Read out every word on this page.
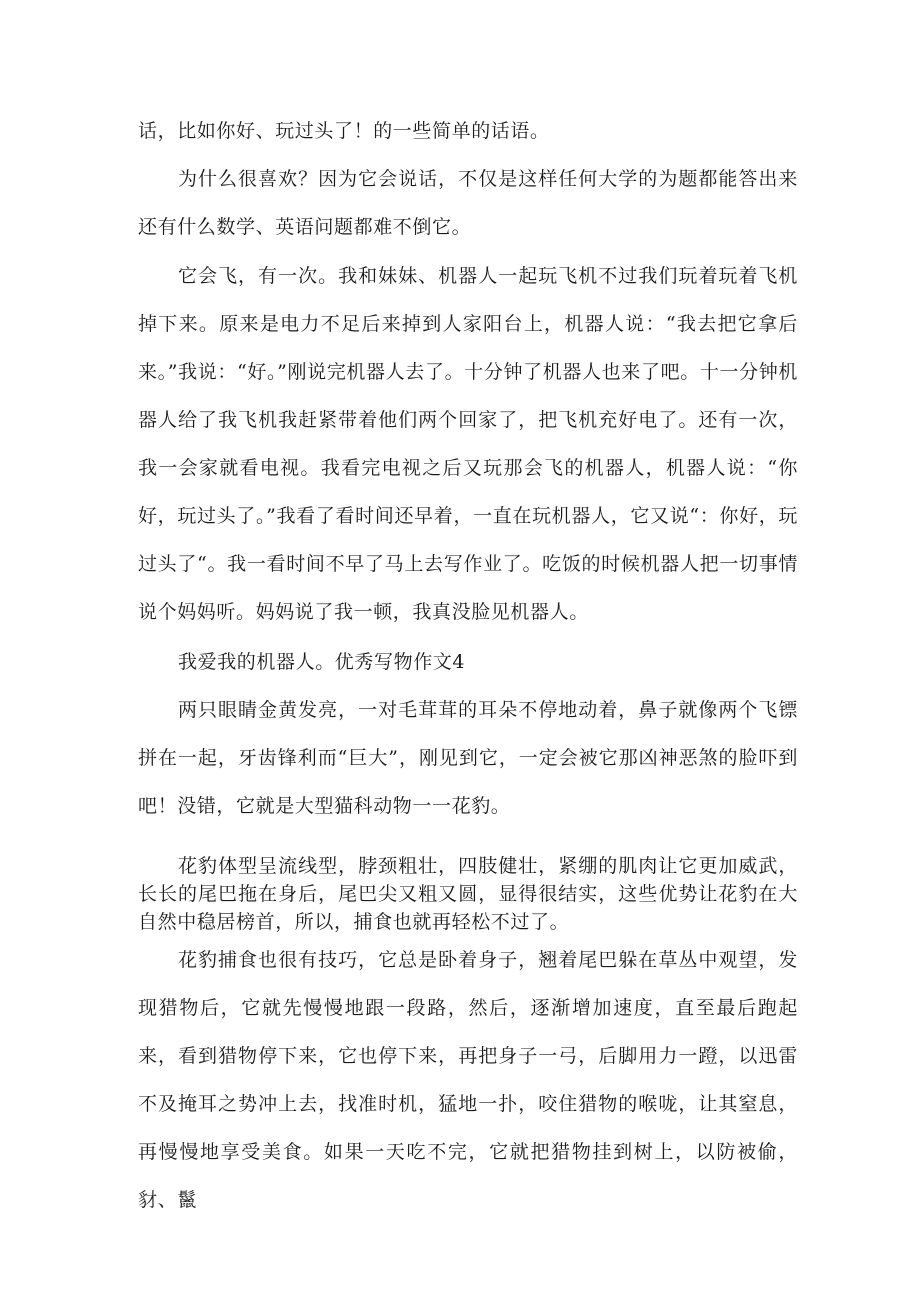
话，比如你好、玩过头了！的一些简单的话语。

为什么很喜欢？因为它会说话，不仅是这样任何大学的为题都能答出来还有什么数学、英语问题都难不倒它。

它会飞，有一次。我和妹妹、机器人一起玩飞机不过我们玩着玩着飞机掉下来。原来是电力不足后来掉到人家阳台上，机器人说：“我去把它拿后来。”我说：“好。”刚说完机器人去了。十分钟了机器人也来了吧。十一分钟机器人给了我飞机我赶紧带着他们两个回家了，把飞机充好电了。还有一次，我一会家就看电视。我看完电视之后又玩那会飞的机器人，机器人说：“你好，玩过头了。”我看了看时间还早着，一直在玩机器人，它又说“：你好，玩过头了“。我一看时间不早了马上去写作业了。吃饭的时候机器人把一切事情说个妈妈听。妈妈说了我一顿，我真没脸见机器人。

我爱我的机器人。优秀写物作文4

两只眼睛金黄发亮，一对毛茸茸的耳朵不停地动着，鼻子就像两个飞镖拼在一起，牙齿锋利而“巨大”，刚见到它，一定会被它那凶神恶煞的脸吓到吧！没错，它就是大型猫科动物一一花豹。

花豹体型呈流线型，脖颈粗壮，四肢健壮，紧绷的肌肉让它更加威武，长长的尾巴拖在身后，尾巴尖又粗又圆，显得很结实，这些优势让花豹在大自然中稳居榜首，所以，捕食也就再轻松不过了。

花豹捕食也很有技巧，它总是卧着身子，翘着尾巴躲在草丛中观望，发现猎物后，它就先慢慢地跟一段路，然后，逐渐增加速度，直至最后跑起来，看到猎物停下来，它也停下来，再把身子一弓，后脚用力一蹬，以迅雷不及掩耳之势冲上去，找准时机，猛地一扑，咬住猎物的喉咙，让其窒息，再慢慢地享受美食。如果一天吃不完，它就把猎物挂到树上，以防被偷，豺、鬣
